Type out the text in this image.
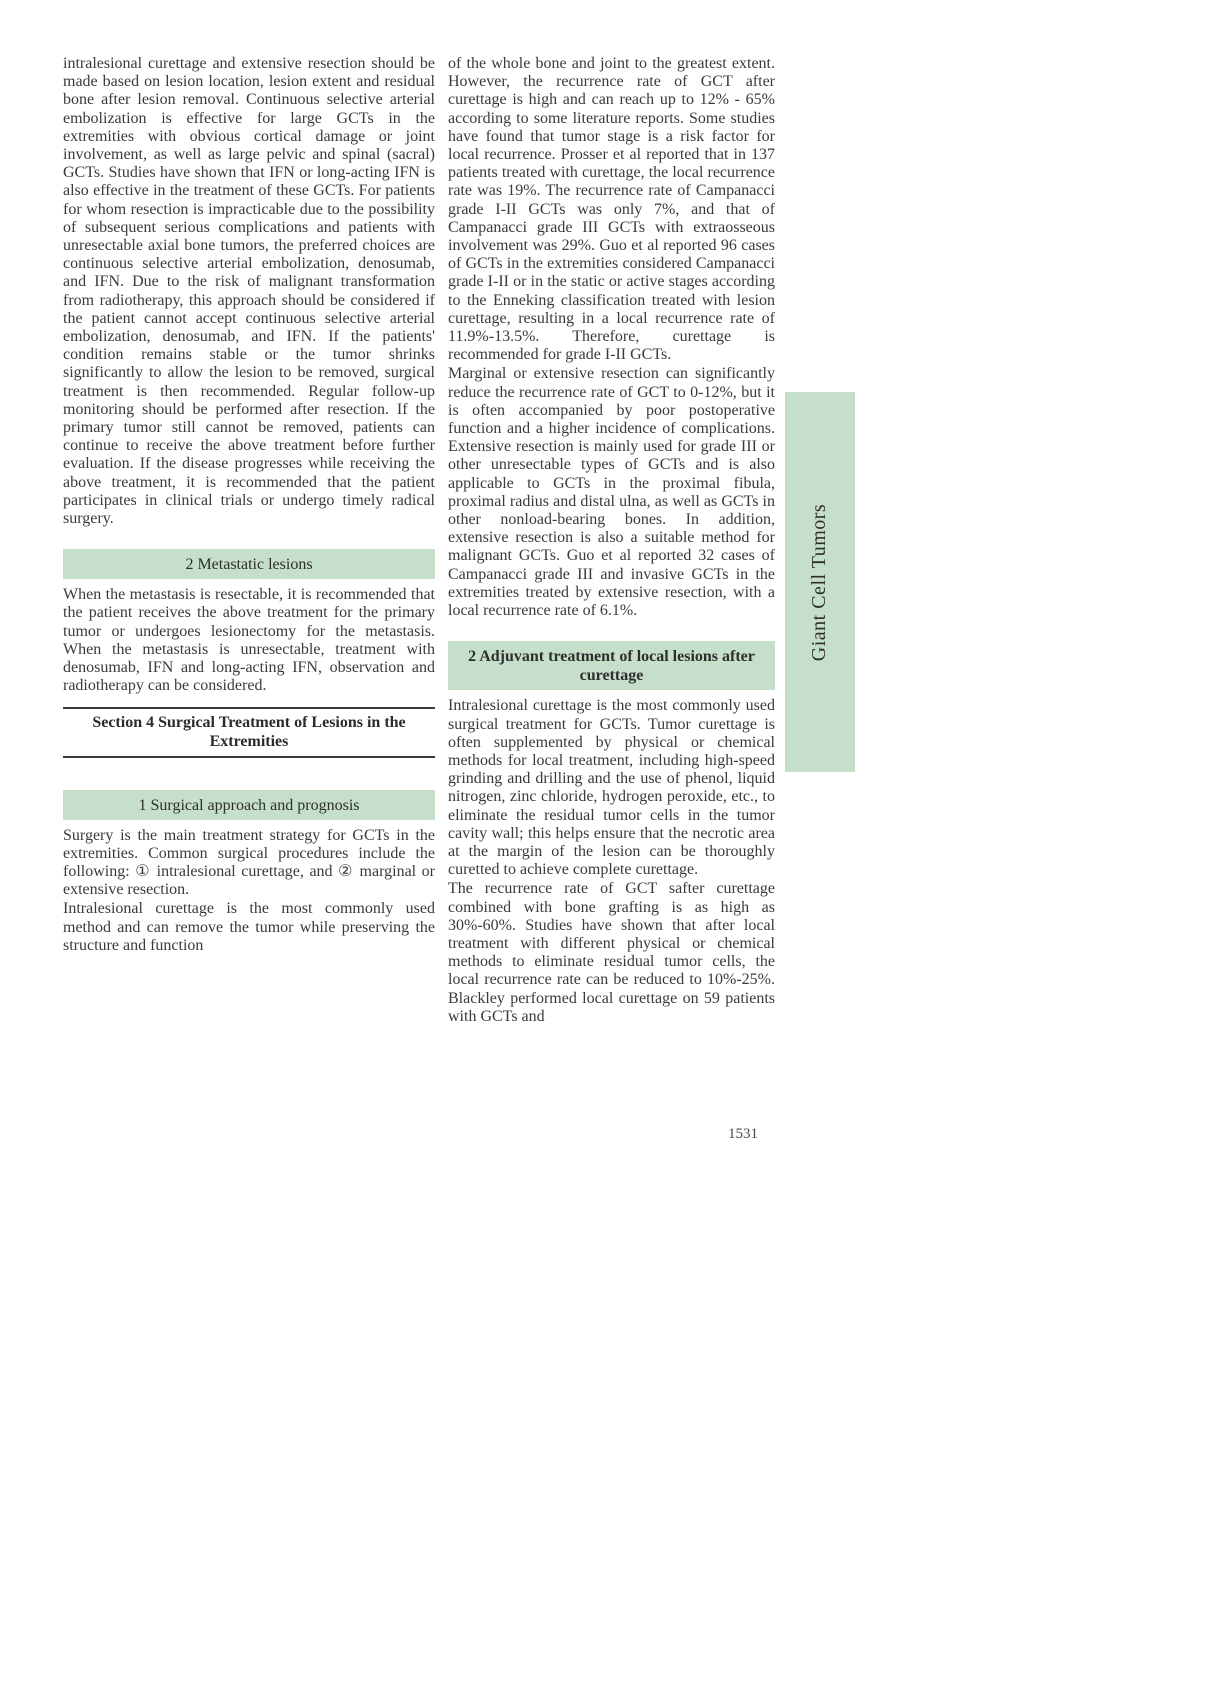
intralesional curettage and extensive resection should be made based on lesion location, lesion extent and residual bone after lesion removal. Continuous selective arterial embolization is effective for large GCTs in the extremities with obvious cortical damage or joint involvement, as well as large pelvic and spinal (sacral) GCTs. Studies have shown that IFN or long-acting IFN is also effective in the treatment of these GCTs. For patients for whom resection is impracticable due to the possibility of subsequent serious complications and patients with unresectable axial bone tumors, the preferred choices are continuous selective arterial embolization, denosumab, and IFN. Due to the risk of malignant transformation from radiotherapy, this approach should be considered if the patient cannot accept continuous selective arterial embolization, denosumab, and IFN. If the patients' condition remains stable or the tumor shrinks significantly to allow the lesion to be removed, surgical treatment is then recommended. Regular follow-up monitoring should be performed after resection. If the primary tumor still cannot be removed, patients can continue to receive the above treatment before further evaluation. If the disease progresses while receiving the above treatment, it is recommended that the patient participates in clinical trials or undergo timely radical surgery.

2 Metastatic lesions

When the metastasis is resectable, it is recommended that the patient receives the above treatment for the primary tumor or undergoes lesionectomy for the metastasis. When the metastasis is unresectable, treatment with denosumab, IFN and long-acting IFN, observation and radiotherapy can be considered.

Section 4 Surgical Treatment of Lesions in the Extremities
1 Surgical approach and prognosis

Surgery is the main treatment strategy for GCTs in the extremities. Common surgical procedures include the following: ① intralesional curettage, and ② marginal or extensive resection.

Intralesional curettage is the most commonly used method and can remove the tumor while preserving the structure and function

of the whole bone and joint to the greatest extent. However, the recurrence rate of GCT after curettage is high and can reach up to 12% - 65% according to some literature reports. Some studies have found that tumor stage is a risk factor for local recurrence. Prosser et al reported that in 137 patients treated with curettage, the local recurrence rate was 19%. The recurrence rate of Campanacci grade I-II GCTs was only 7%, and that of Campanacci grade III GCTs with extraosseous involvement was 29%. Guo et al reported 96 cases of GCTs in the extremities considered Campanacci grade I-II or in the static or active stages according to the Enneking classification treated with lesion curettage, resulting in a local recurrence rate of 11.9%-13.5%. Therefore, curettage is recommended for grade I-II GCTs.

Marginal or extensive resection can significantly reduce the recurrence rate of GCT to 0-12%, but it is often accompanied by poor postoperative function and a higher incidence of complications. Extensive resection is mainly used for grade III or other unresectable types of GCTs and is also applicable to GCTs in the proximal fibula, proximal radius and distal ulna, as well as GCTs in other nonload-bearing bones. In addition, extensive resection is also a suitable method for malignant GCTs. Guo et al reported 32 cases of Campanacci grade III and invasive GCTs in the extremities treated by extensive resection, with a local recurrence rate of 6.1%.

2 Adjuvant treatment of local lesions after curettage

Intralesional curettage is the most commonly used surgical treatment for GCTs. Tumor curettage is often supplemented by physical or chemical methods for local treatment, including high-speed grinding and drilling and the use of phenol, liquid nitrogen, zinc chloride, hydrogen peroxide, etc., to eliminate the residual tumor cells in the tumor cavity wall; this helps ensure that the necrotic area at the margin of the lesion can be thoroughly curetted to achieve complete curettage.

The recurrence rate of GCT safter curettage combined with bone grafting is as high as 30%-60%. Studies have shown that after local treatment with different physical or chemical methods to eliminate residual tumor cells, the local recurrence rate can be reduced to 10%-25%. Blackley performed local curettage on 59 patients with GCTs and

Giant Cell Tumors
1531
